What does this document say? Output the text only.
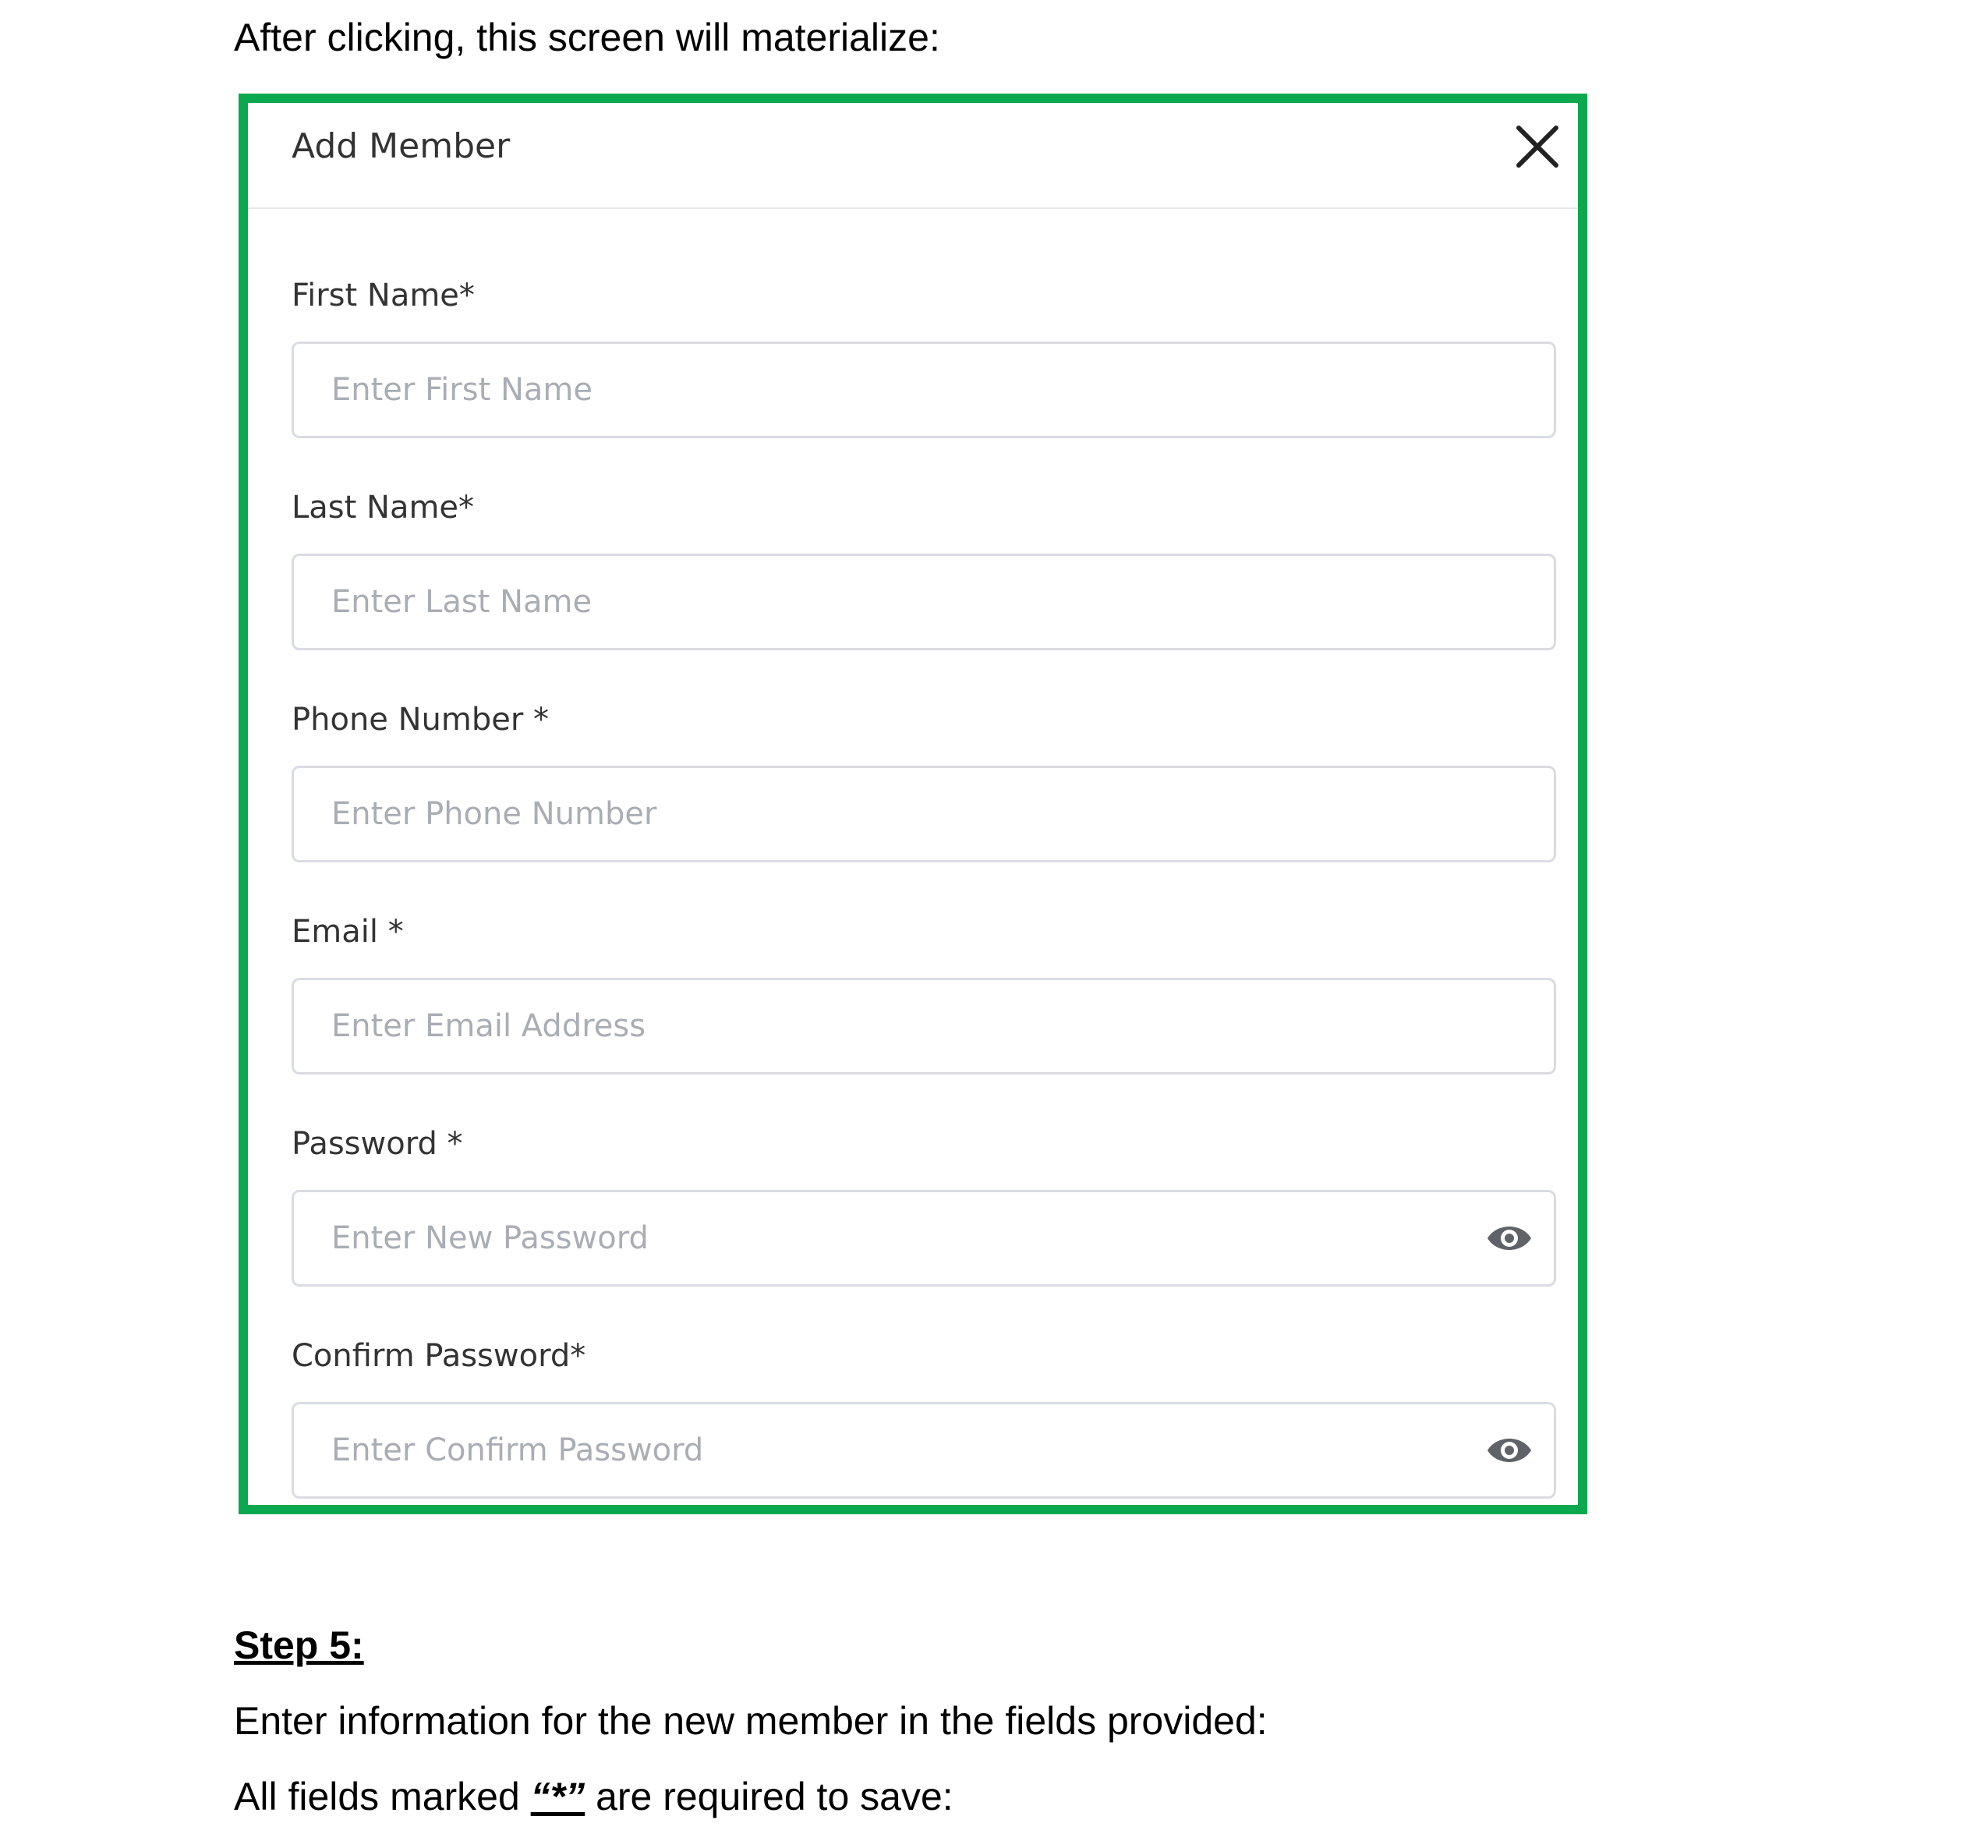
After clicking, this screen will materialize:

Add Member
First Name*
Enter First Name
Last Name*
Enter Last Name
Phone Number *
Enter Phone Number
Email *
Enter Email Address
Password *
Confirm Password*

Step 5:

Enter information for the new member in the fields provided:

All fields marked “*” are required to save:
